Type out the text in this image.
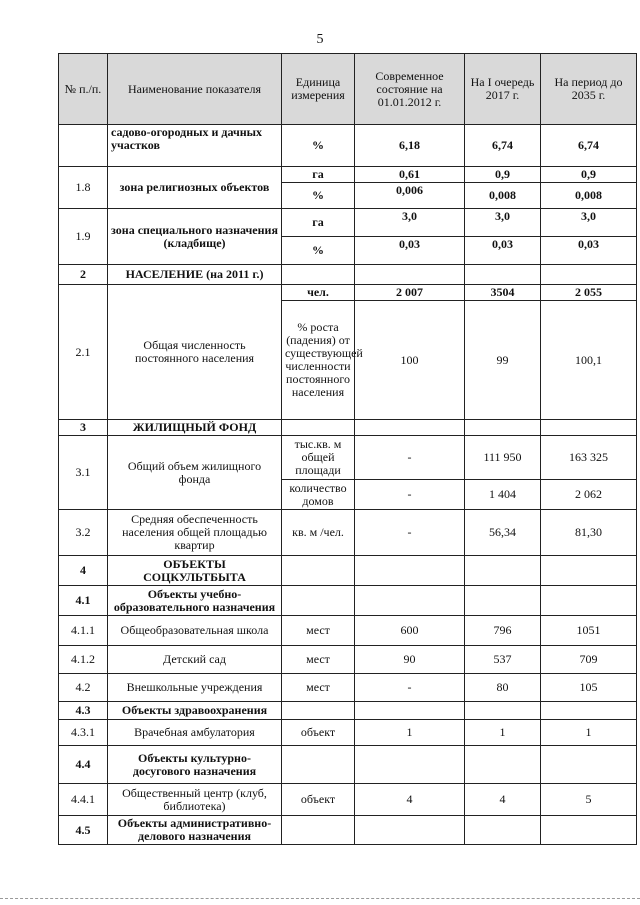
5
№ п./п.	Наименование показателя	Единица измерения	Современное состояние на 01.01.2012 г.	На I очередь 2017 г.	На период до 2035 г.
	садово-огородных и дачных участков	%	6,18	6,74	6,74
1.8	зона религиозных объектов	га	0,61	0,9	0,9
		%	0,006	0,008	0,008
1.9	зона специального назначения (кладбище)	га	3,0	3,0	3,0
		%	0,03	0,03	0,03
2	НАСЕЛЕНИЕ (на 2011 г.)				
2.1	Общая численность постоянного населения	чел.	2 007	3504	2 055
		% роста (падения) от существующей численности постоянного населения	100	99	100,1
3	ЖИЛИЩНЫЙ ФОНД				
3.1	Общий объем жилищного фонда	тыс.кв. м общей площади	-	111 950	163 325
		количество домов	-	1 404	2 062
3.2	Средняя обеспеченность населения общей площадью квартир	кв. м /чел.	-	56,34	81,30
4	ОБЪЕКТЫ СОЦКУЛЬТБЫТА				
4.1	Объекты учебно-образовательного назначения				
4.1.1	Общеобразовательная школа	мест	600	796	1051
4.1.2	Детский сад	мест	90	537	709
4.2	Внешкольные учреждения	мест	-	80	105
4.3	Объекты здравоохранения				
4.3.1	Врачебная амбулатория	объект	1	1	1
4.4	Объекты культурно-досугового назначения				
4.4.1	Общественный центр (клуб, библиотека)	объект	4	4	5
4.5	Объекты административно-делового назначения				
